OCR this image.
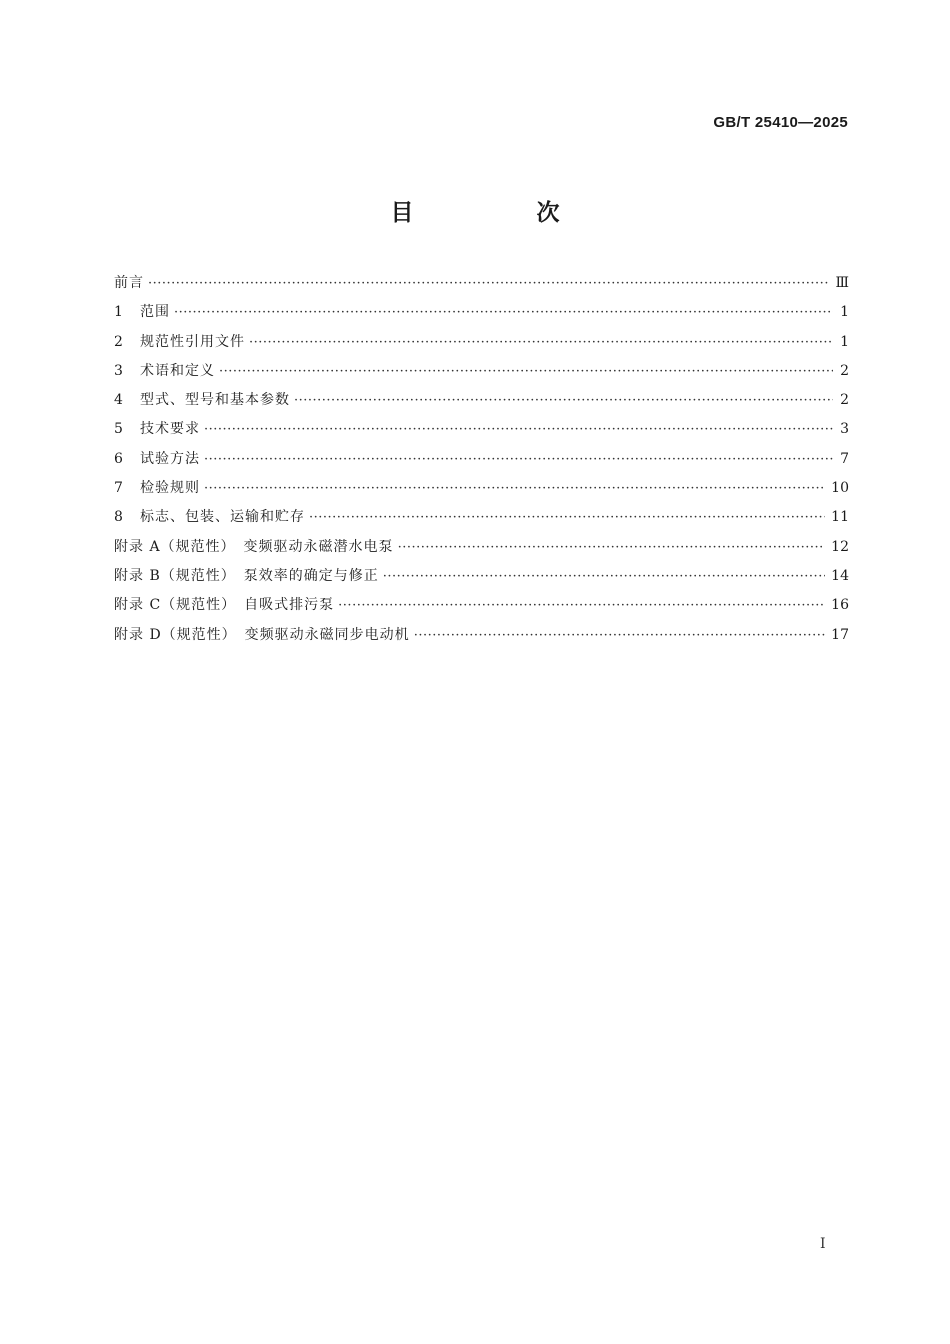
GB/T 25410—2025
目　次
前言 ·····	Ⅲ
1	范围 ·····	1
2	规范性引用文件 ·····	1
3	术语和定义 ·····	2
4	型式、型号和基本参数 ·····	2
5	技术要求 ·····	3
6	试验方法 ·····	7
7	检验规则 ·····	10
8	标志、包装、运输和贮存 ·····	11
附录 A（规范性）　变频驱动永磁潜水电泵 ·····	12
附录 B（规范性）　泵效率的确定与修正 ·····	14
附录 C（规范性）　自吸式排污泵 ·····	16
附录 D（规范性）　变频驱动永磁同步电动机 ·····	17
I
